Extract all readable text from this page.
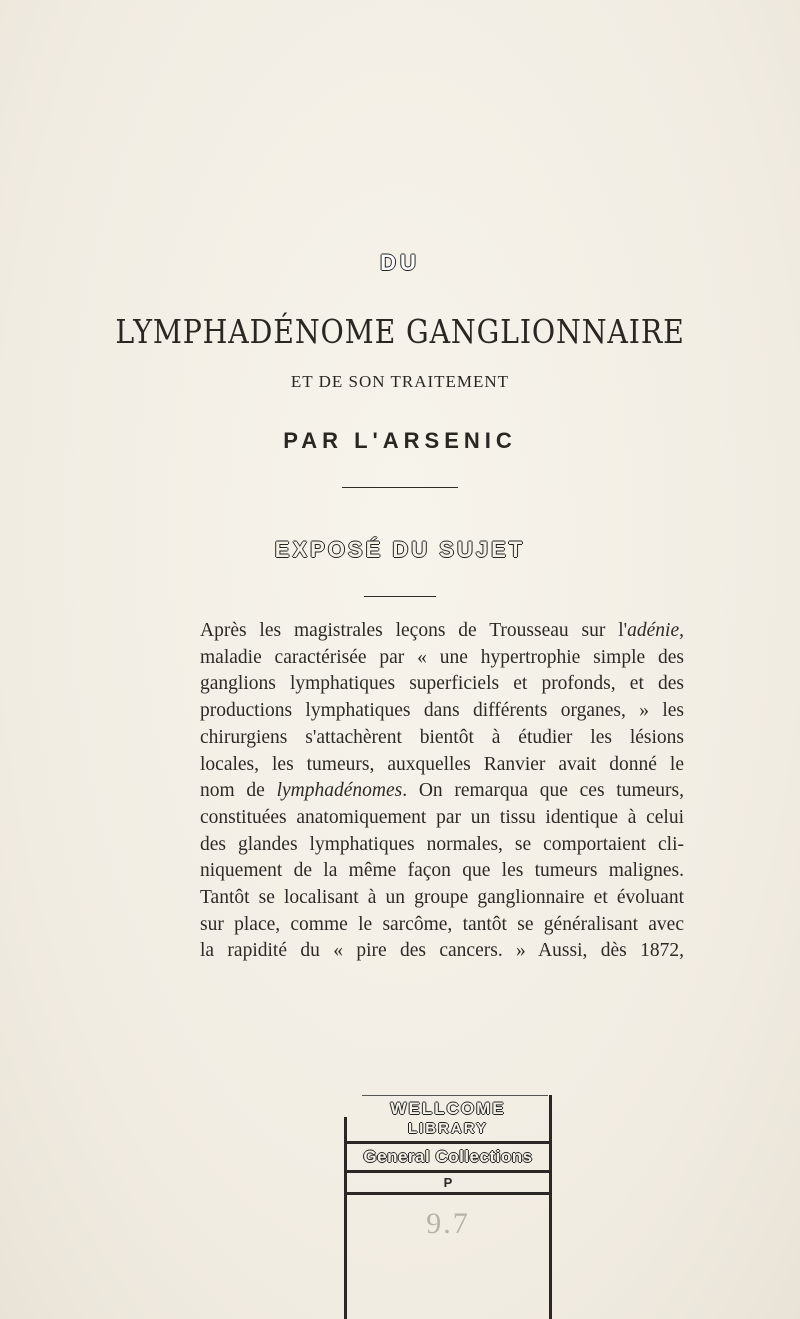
DU
LYMPHADÉNOME GANGLIONNAIRE
ET DE SON TRAITEMENT
PAR L'ARSENIC
EXPOSÉ DU SUJET
Après les magistrales leçons de Trousseau sur l'adénie,
maladie caractérisée par « une hypertrophie simple des
ganglions lymphatiques superficiels et profonds, et des
productions lymphatiques dans différents organes, » les
chirurgiens s'attachèrent bientôt à étudier les lésions
locales, les tumeurs, auxquelles Ranvier avait donné le
nom de lymphadénomes. On remarqua que ces tumeurs,
constituées anatomiquement par un tissu identique à celui
des glandes lymphatiques normales, se comportaient cli-
niquement de la même façon que les tumeurs malignes.
Tantôt se localisant à un groupe ganglionnaire et évoluant
sur place, comme le sarcôme, tantôt se généralisant avec
la rapidité du « pire des cancers. » Aussi, dès 1872,
WELLCOME
LIBRARY
General Collections
P
9.7
